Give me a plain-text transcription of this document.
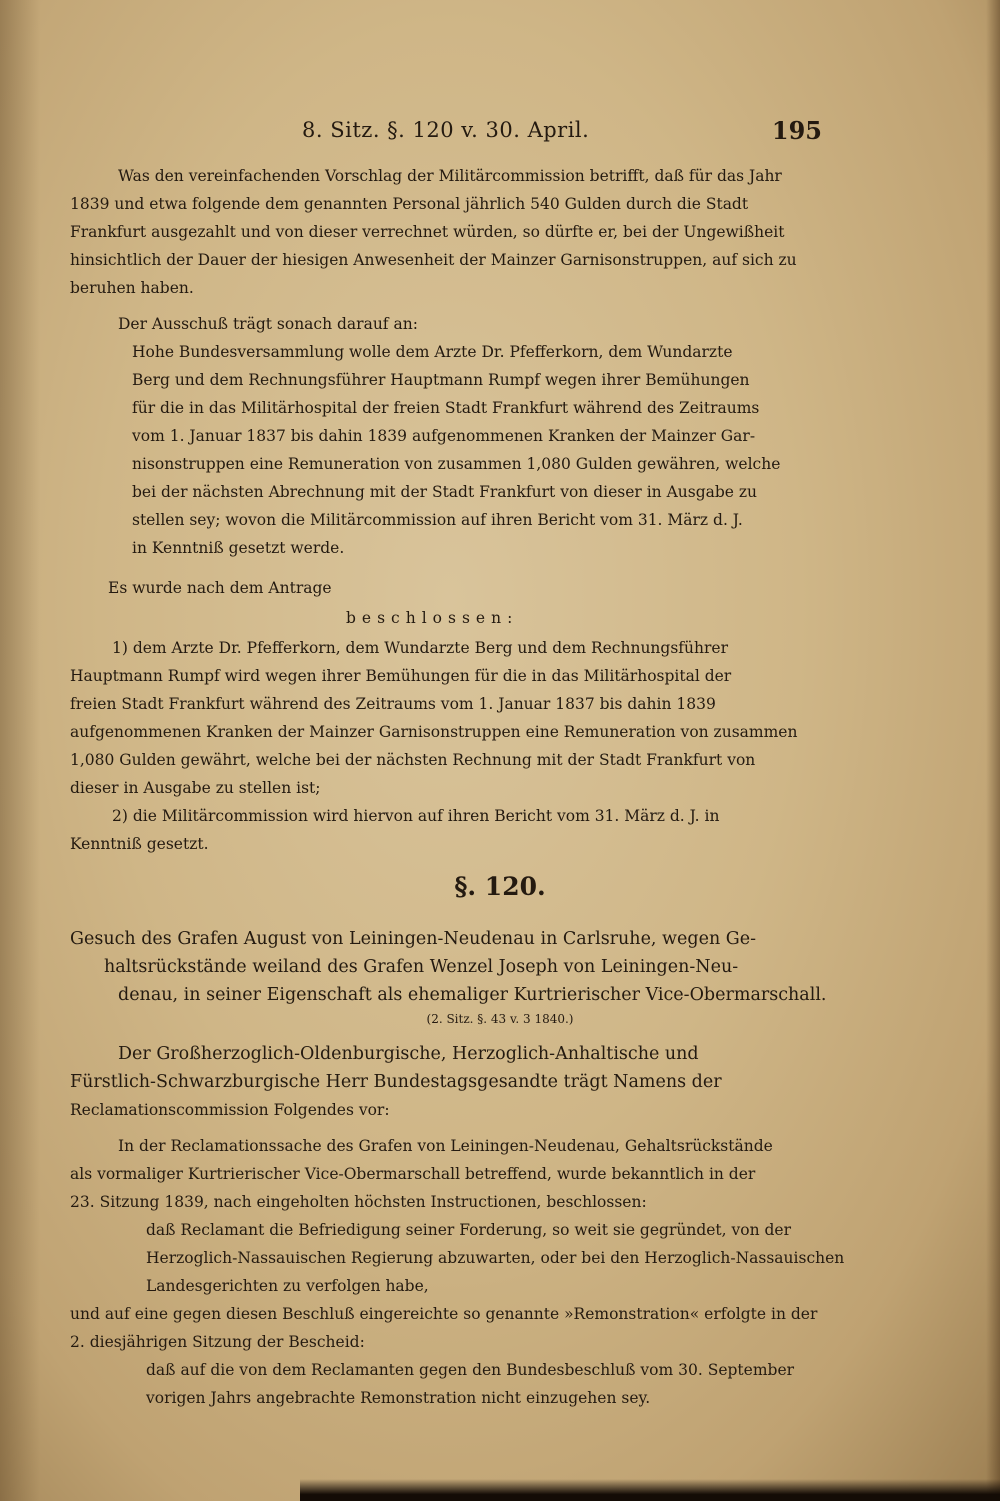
8. Sitz. §. 120 v. 30. April.	195
Was den vereinfachenden Vorschlag der Militärcommission betrifft, daß für das Jahr
1839 und etwa folgende dem genannten Personal jährlich 540 Gulden durch die Stadt
Frankfurt ausgezahlt und von dieser verrechnet würden, so dürfte er, bei der Ungewißheit
hinsichtlich der Dauer der hiesigen Anwesenheit der Mainzer Garnisonstruppen, auf sich zu
beruhen haben.
Der Ausschuß trägt sonach darauf an:
Hohe Bundesversammlung wolle dem Arzte Dr. Pfefferkorn, dem Wundarzte
Berg und dem Rechnungsführer Hauptmann Rumpf wegen ihrer Bemühungen
für die in das Militärhospital der freien Stadt Frankfurt während des Zeitraums
vom 1. Januar 1837 bis dahin 1839 aufgenommenen Kranken der Mainzer Gar-
nisonstruppen eine Remuneration von zusammen 1,080 Gulden gewähren, welche
bei der nächsten Abrechnung mit der Stadt Frankfurt von dieser in Ausgabe zu
stellen sey; wovon die Militärcommission auf ihren Bericht vom 31. März d. J.
in Kenntniß gesetzt werde.
Es wurde nach dem Antrage
beschlossen:
1) dem Arzte Dr. Pfefferkorn, dem Wundarzte Berg und dem Rechnungsführer
Hauptmann Rumpf wird wegen ihrer Bemühungen für die in das Militärhospital der
freien Stadt Frankfurt während des Zeitraums vom 1. Januar 1837 bis dahin 1839
aufgenommenen Kranken der Mainzer Garnisonstruppen eine Remuneration von zusammen
1,080 Gulden gewährt, welche bei der nächsten Rechnung mit der Stadt Frankfurt von
dieser in Ausgabe zu stellen ist;
2) die Militärcommission wird hiervon auf ihren Bericht vom 31. März d. J. in
Kenntniß gesetzt.
§. 120.
Gesuch des Grafen August von Leiningen-Neudenau in Carlsruhe, wegen Ge-
haltsrückstände weiland des Grafen Wenzel Joseph von Leiningen-Neu-
denau, in seiner Eigenschaft als ehemaliger Kurtrierischer Vice-Obermarschall.
(2. Sitz. §. 43 v. 3 1840.)
Der Großherzoglich-Oldenburgische, Herzoglich-Anhaltische und
Fürstlich-Schwarzburgische Herr Bundestagsgesandte trägt Namens der
Reclamationscommission Folgendes vor:
In der Reclamationssache des Grafen von Leiningen-Neudenau, Gehaltsrückstände
als vormaliger Kurtrierischer Vice-Obermarschall betreffend, wurde bekanntlich in der
23. Sitzung 1839, nach eingeholten höchsten Instructionen, beschlossen:
daß Reclamant die Befriedigung seiner Forderung, so weit sie gegründet, von der
Herzoglich-Nassauischen Regierung abzuwarten, oder bei den Herzoglich-Nassauischen
Landesgerichten zu verfolgen habe,
und auf eine gegen diesen Beschluß eingereichte so genannte »Remonstration« erfolgte in der
2. diesjährigen Sitzung der Bescheid:
daß auf die von dem Reclamanten gegen den Bundesbeschluß vom 30. September
vorigen Jahrs angebrachte Remonstration nicht einzugehen sey.
